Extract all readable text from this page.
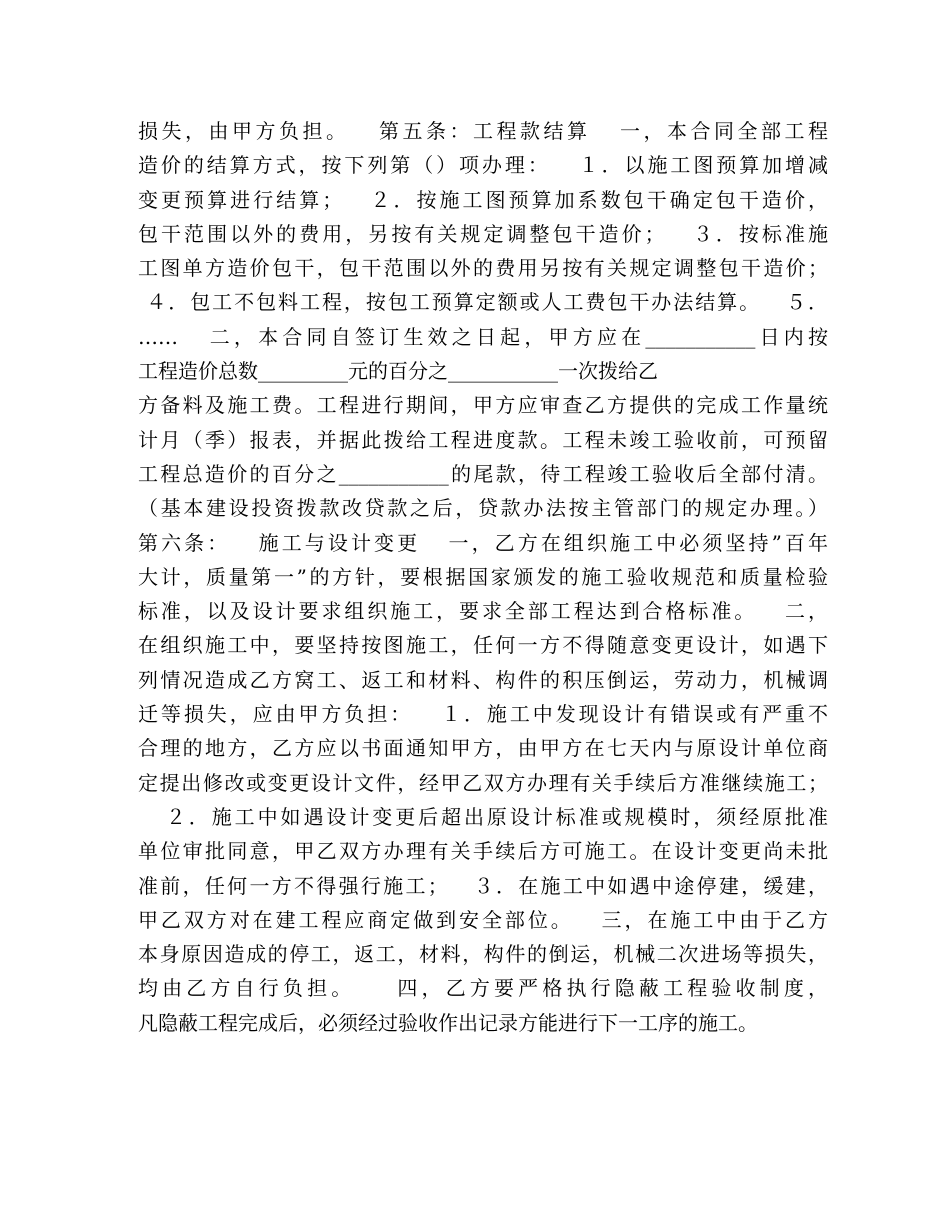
损失，由甲方负担。   第五条：工程款结算   一，本合同全部工程
造价的结算方式，按下列第（）项办理：   １．以施工图预算加增减
变更预算进行结算；   ２．按施工图预算加系数包干确定包干造价，
包干范围以外的费用，另按有关规定调整包干造价；   ３．按标准施
工图单方造价包干，包干范围以外的费用另按有关规定调整包干造价；
４．包工不包料工程，按包工预算定额或人工费包干办法结算。   ５．
……   二，本合同自签订生效之日起，甲方应在___________日内按
工程造价总数_________元的百分之___________一次拨给乙
方备料及施工费。工程进行期间，甲方应审查乙方提供的完成工作量统
计月（季）报表，并据此拨给工程进度款。工程未竣工验收前，可预留
工程总造价的百分之___________的尾款，待工程竣工验收后全部付清。
（基本建设投资拨款改贷款之后，贷款办法按主管部门的规定办理。）
第六条：   施工与设计变更   一，乙方在组织施工中必须坚持”百年
大计，质量第一”的方针，要根据国家颁发的施工验收规范和质量检验
标准，以及设计要求组织施工，要求全部工程达到合格标准。   二，
在组织施工中，要坚持按图施工，任何一方不得随意变更设计，如遇下
列情况造成乙方窝工、返工和材料、构件的积压倒运，劳动力，机械调
迁等损失，应由甲方负担：   １．施工中发现设计有错误或有严重不
合理的地方，乙方应以书面通知甲方，由甲方在七天内与原设计单位商
定提出修改或变更设计文件，经甲乙双方办理有关手续后方准继续施工；
２．施工中如遇设计变更后超出原设计标准或规模时，须经原批准
单位审批同意，甲乙双方办理有关手续后方可施工。在设计变更尚未批
准前，任何一方不得强行施工；   ３．在施工中如遇中途停建，缓建，
甲乙双方对在建工程应商定做到安全部位。   三，在施工中由于乙方
本身原因造成的停工，返工，材料，构件的倒运，机械二次进场等损失，
均由乙方自行负担。    四，乙方要严格执行隐蔽工程验收制度，
凡隐蔽工程完成后，必须经过验收作出记录方能进行下一工序的施工。
